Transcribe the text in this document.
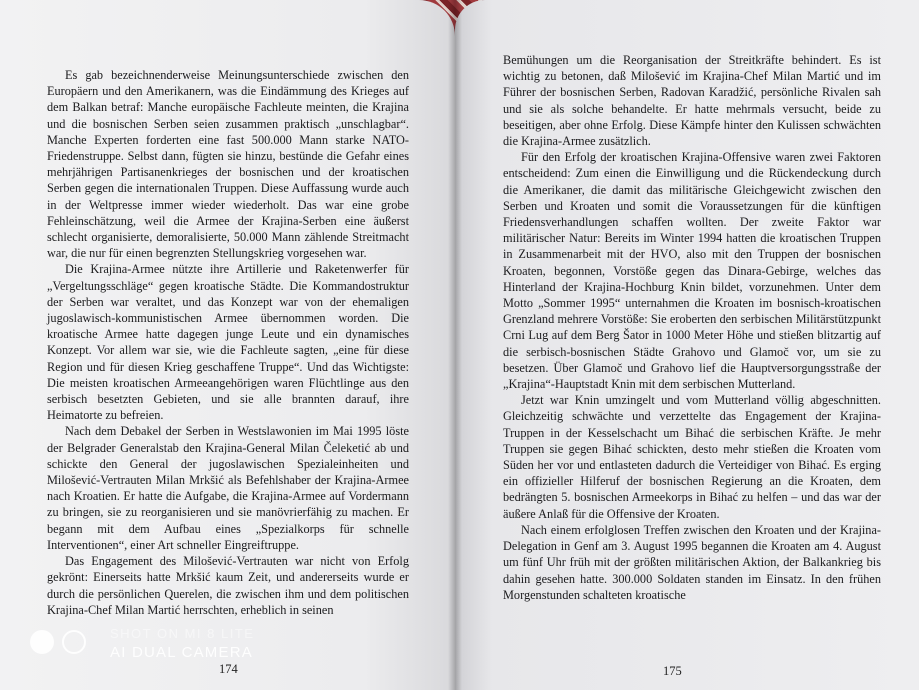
Es gab bezeichnenderweise Meinungsunterschiede zwischen den Europäern und den Amerikanern, was die Eindämmung des Krieges auf dem Balkan betraf: Manche europäische Fachleute meinten, die Krajina und die bosnischen Serben seien zusammen praktisch „unschlagbar“. Manche Experten forderten eine fast 500.000 Mann starke NATO-Friedenstruppe. Selbst dann, fügten sie hinzu, bestünde die Gefahr eines mehrjährigen Partisanenkrieges der bosnischen und der kroatischen Serben gegen die internationalen Truppen. Diese Auffassung wurde auch in der Weltpresse immer wieder wiederholt. Das war eine grobe Fehleinschätzung, weil die Armee der Krajina-Serben eine äußerst schlecht organisierte, demoralisierte, 50.000 Mann zählende Streitmacht war, die nur für einen begrenzten Stellungskrieg vorgesehen war.

Die Krajina-Armee nützte ihre Artillerie und Raketenwerfer für „Vergeltungsschläge“ gegen kroatische Städte. Die Kommandostruktur der Serben war veraltet, und das Konzept war von der ehemaligen jugoslawisch-kommunistischen Armee übernommen worden. Die kroatische Armee hatte dagegen junge Leute und ein dynamisches Konzept. Vor allem war sie, wie die Fachleute sagten, „eine für diese Region und für diesen Krieg geschaffene Truppe“. Und das Wichtigste: Die meisten kroatischen Armeeangehörigen waren Flüchtlinge aus den serbisch besetzten Gebieten, und sie alle brannten darauf, ihre Heimatorte zu befreien.

Nach dem Debakel der Serben in Westslawonien im Mai 1995 löste der Belgrader Generalstab den Krajina-General Milan Čeleketić ab und schickte den General der jugoslawischen Spezialeinheiten und Milošević-Vertrauten Milan Mrkšić als Befehlshaber der Krajina-Armee nach Kroatien. Er hatte die Aufgabe, die Krajina-Armee auf Vordermann zu bringen, sie zu reorganisieren und sie manövrierfähig zu machen. Er begann mit dem Aufbau eines „Spezialkorps für schnelle Interventionen“, einer Art schneller Eingreiftruppe.

Das Engagement des Milošević-Vertrauten war nicht von Erfolg gekrönt: Einerseits hatte Mrkšić kaum Zeit, und andererseits wurde er durch die persönlichen Querelen, die zwischen ihm und dem politischen Krajina-Chef Milan Martić herrschten, erheblich in seinen

174

Bemühungen um die Reorganisation der Streitkräfte behindert. Es ist wichtig zu betonen, daß Milošević im Krajina-Chef Milan Martić und im Führer der bosnischen Serben, Radovan Karadžić, persönliche Rivalen sah und sie als solche behandelte. Er hatte mehrmals versucht, beide zu beseitigen, aber ohne Erfolg. Diese Kämpfe hinter den Kulissen schwächten die Krajina-Armee zusätzlich.

Für den Erfolg der kroatischen Krajina-Offensive waren zwei Faktoren entscheidend: Zum einen die Einwilligung und die Rückendeckung durch die Amerikaner, die damit das militärische Gleichgewicht zwischen den Serben und Kroaten und somit die Voraussetzungen für die künftigen Friedensverhandlungen schaffen wollten. Der zweite Faktor war militärischer Natur: Bereits im Winter 1994 hatten die kroatischen Truppen in Zusammenarbeit mit der HVO, also mit den Truppen der bosnischen Kroaten, begonnen, Vorstöße gegen das Dinara-Gebirge, welches das Hinterland der Krajina-Hochburg Knin bildet, vorzunehmen. Unter dem Motto „Sommer 1995“ unternahmen die Kroaten im bosnisch-kroatischen Grenzland mehrere Vorstöße: Sie eroberten den serbischen Militärstützpunkt Crni Lug auf dem Berg Šator in 1000 Meter Höhe und stießen blitzartig auf die serbisch-bosnischen Städte Grahovo und Glamoč vor, um sie zu besetzen. Über Glamoč und Grahovo lief die Hauptversorgungsstraße der „Krajina“-Hauptstadt Knin mit dem serbischen Mutterland.

Jetzt war Knin umzingelt und vom Mutterland völlig abgeschnitten. Gleichzeitig schwächte und verzettelte das Engagement der Krajina-Truppen in der Kesselschacht um Bihać die serbischen Kräfte. Je mehr Truppen sie gegen Bihać schickten, desto mehr stießen die Kroaten vom Süden her vor und entlasteten dadurch die Verteidiger von Bihać. Es erging ein offizieller Hilferuf der bosnischen Regierung an die Kroaten, dem bedrängten 5. bosnischen Armeekorps in Bihać zu helfen – und das war der äußere Anlaß für die Offensive der Kroaten.

Nach einem erfolglosen Treffen zwischen den Kroaten und der Krajina-Delegation in Genf am 3. August 1995 begannen die Kroaten am 4. August um fünf Uhr früh mit der größten militärischen Aktion, der Balkankrieg bis dahin gesehen hatte. 300.000 Soldaten standen im Einsatz. In den frühen Morgenstunden schalteten kroatische

175
SHOT ON MI 8 LITE
AI DUAL CAMERA
